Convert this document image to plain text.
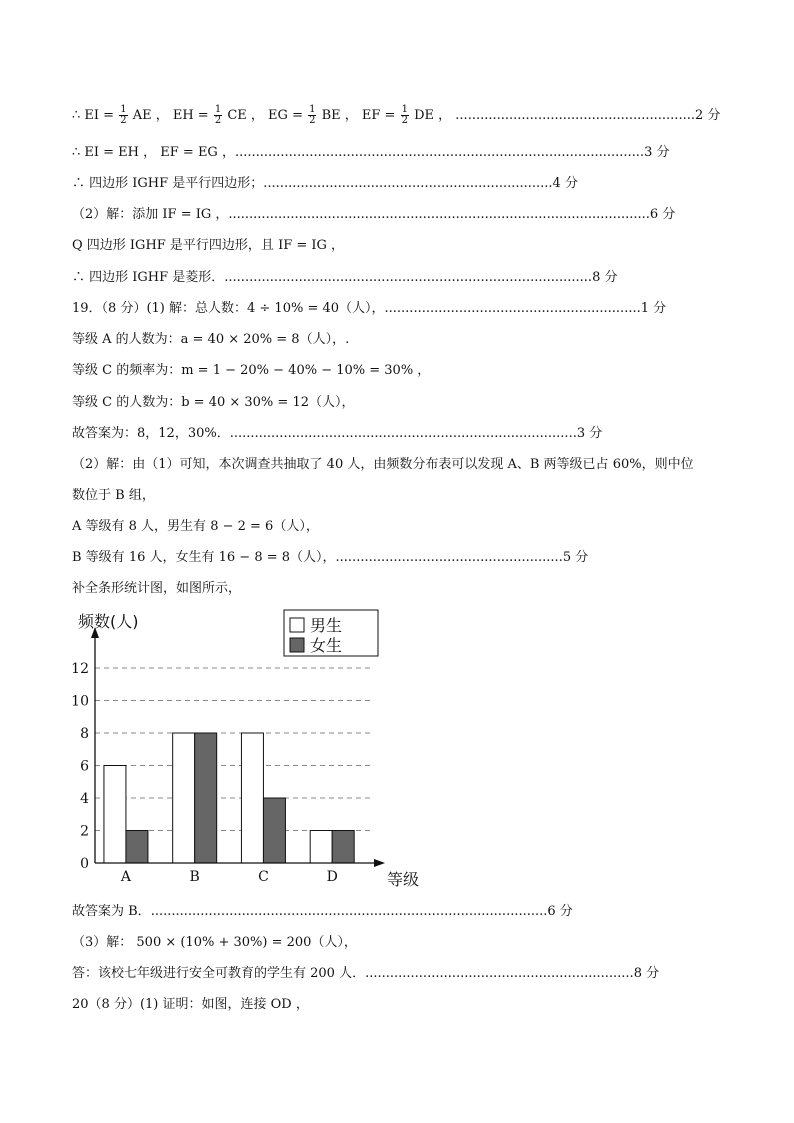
∴ EI = $\frac{1}{2}$ AE ， EH = $\frac{1}{2}$ CE ， EG = $\frac{1}{2}$ BE ， EF = $\frac{1}{2}$ DE ， ..........................................................2 分
∴ EI = EH ， EF = EG ，...................................................................................................3 分
∴ 四边形 IGHF 是平行四边形；......................................................................4 分
（2）解：添加 IF = IG ，......................................................................................................6 分
Q 四边形 IGHF 是平行四边形，且 IF = IG ，
∴ 四边形 IGHF 是菱形．.........................................................................................8 分
19．（8 分）(1) 解：总人数：4 ÷ 10% = 40（人），..............................................................1 分
等级 A 的人数为：a = 40 × 20% = 8（人），.
等级 C 的频率为：m = 1 − 20% − 40% − 10% = 30% ，
等级 C 的人数为：b = 40 × 30% = 12（人），
故答案为：8，12，30%．....................................................................................3 分
（2）解：由（1）可知，本次调查共抽取了 40 人，由频数分布表可以发现 A、B 两等级已占 60%，则中位
数位于 B 组，
A 等级有 8 人，男生有 8 − 2 = 6（人），
B 等级有 16 人，女生有 16 − 8 = 8（人），.......................................................5 分
补全条形统计图，如图所示，
0
2
4
6
8
10
12
A	B	C	D
频数(人)
等级
男生
女生
故答案为 B．................................................................................................6 分
（3）解： 500 × (10% + 30%) = 200（人），
答：该校七年级进行安全可教育的学生有 200 人．.................................................................8 分
20（8 分）(1) 证明：如图，连接 OD ，
